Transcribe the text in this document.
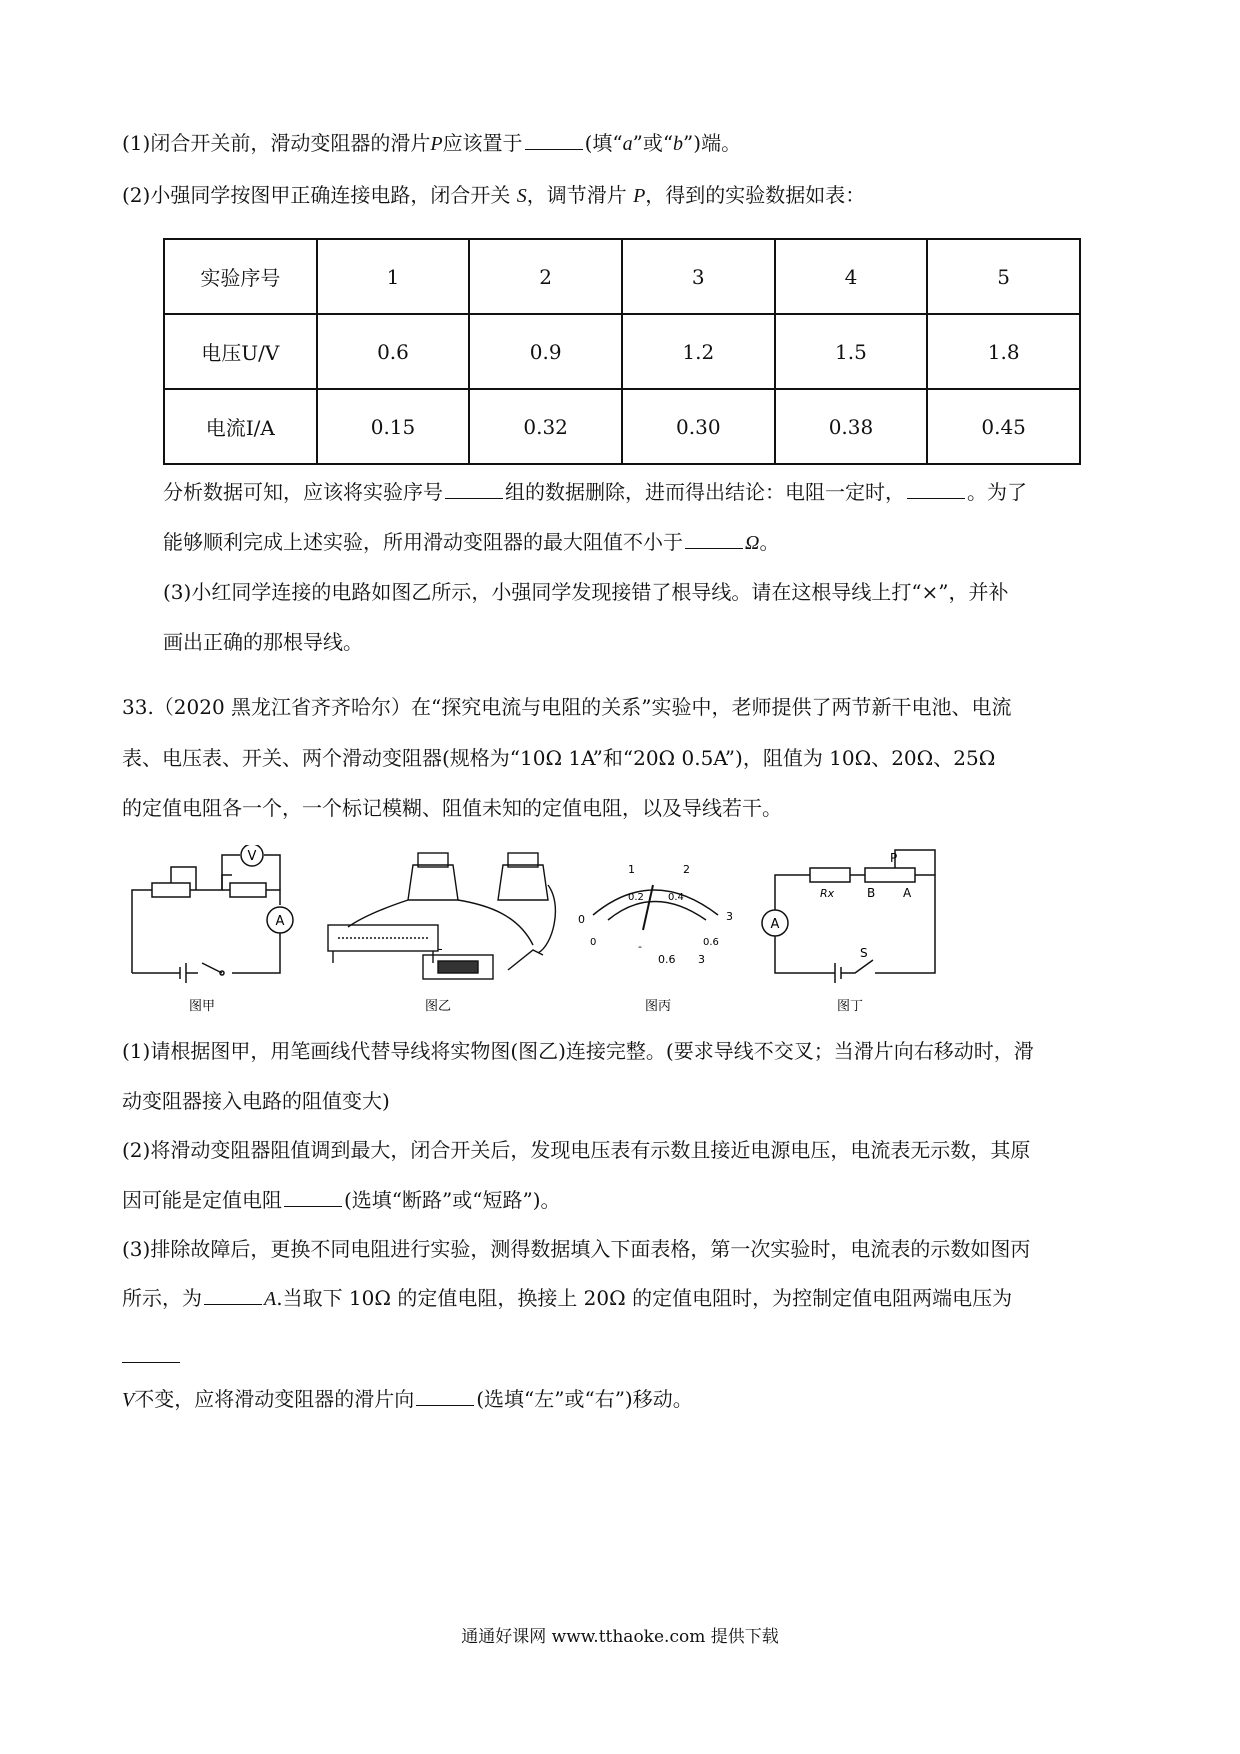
(1)闭合开关前，滑动变阻器的滑片P应该置于	(填“a”或“b”)端。
(2)小强同学按图甲正确连接电路，闭合开关 S，调节滑片 P，得到的实验数据如表：
实验序号	1	2	3	4	5
电压U/V	0.6	0.9	1.2	1.5	1.8
电流I/A	0.15	0.32	0.30	0.38	0.45
分析数据可知，应该将实验序号	组的数据删除，进而得出结论：电阻一定时，	。为了
能够顺利完成上述实验，所用滑动变阻器的最大阻值不小于	Ω。
(3)小红同学连接的电路如图乙所示，小强同学发现接错了根导线。请在这根导线上打“×”，并补
画出正确的那根导线。
33.（2020 黑龙江省齐齐哈尔）在“探究电流与电阻的关系”实验中，老师提供了两节新干电池、电流
表、电压表、开关、两个滑动变阻器(规格为“10Ω 1A”和“20Ω 0.5A”)，阻值为 10Ω、20Ω、25Ω
的定值电阻各一个，一个标记模糊、阻值未知的定值电阻，以及导线若干。
V
A
图甲
-
图乙
0
1	2
3
0
0.2 0.4
0.6
-
0.6 3
图丙
A
Rx
P
B A
S
图丁
(1)请根据图甲，用笔画线代替导线将实物图(图乙)连接完整。(要求导线不交叉；当滑片向右移动时，滑
动变阻器接入电路的阻值变大)
(2)将滑动变阻器阻值调到最大，闭合开关后，发现电压表有示数且接近电源电压，电流表无示数，其原
因可能是定值电阻	(选填“断路”或“短路”)。
(3)排除故障后，更换不同电阻进行实验，测得数据填入下面表格，第一次实验时，电流表的示数如图丙
所示，为	A.当取下 10Ω 的定值电阻，换接上 20Ω 的定值电阻时，为控制定值电阻两端电压为
V不变，应将滑动变阻器的滑片向	(选填“左”或“右”)移动。
通通好课网 www.tthaoke.com 提供下载
